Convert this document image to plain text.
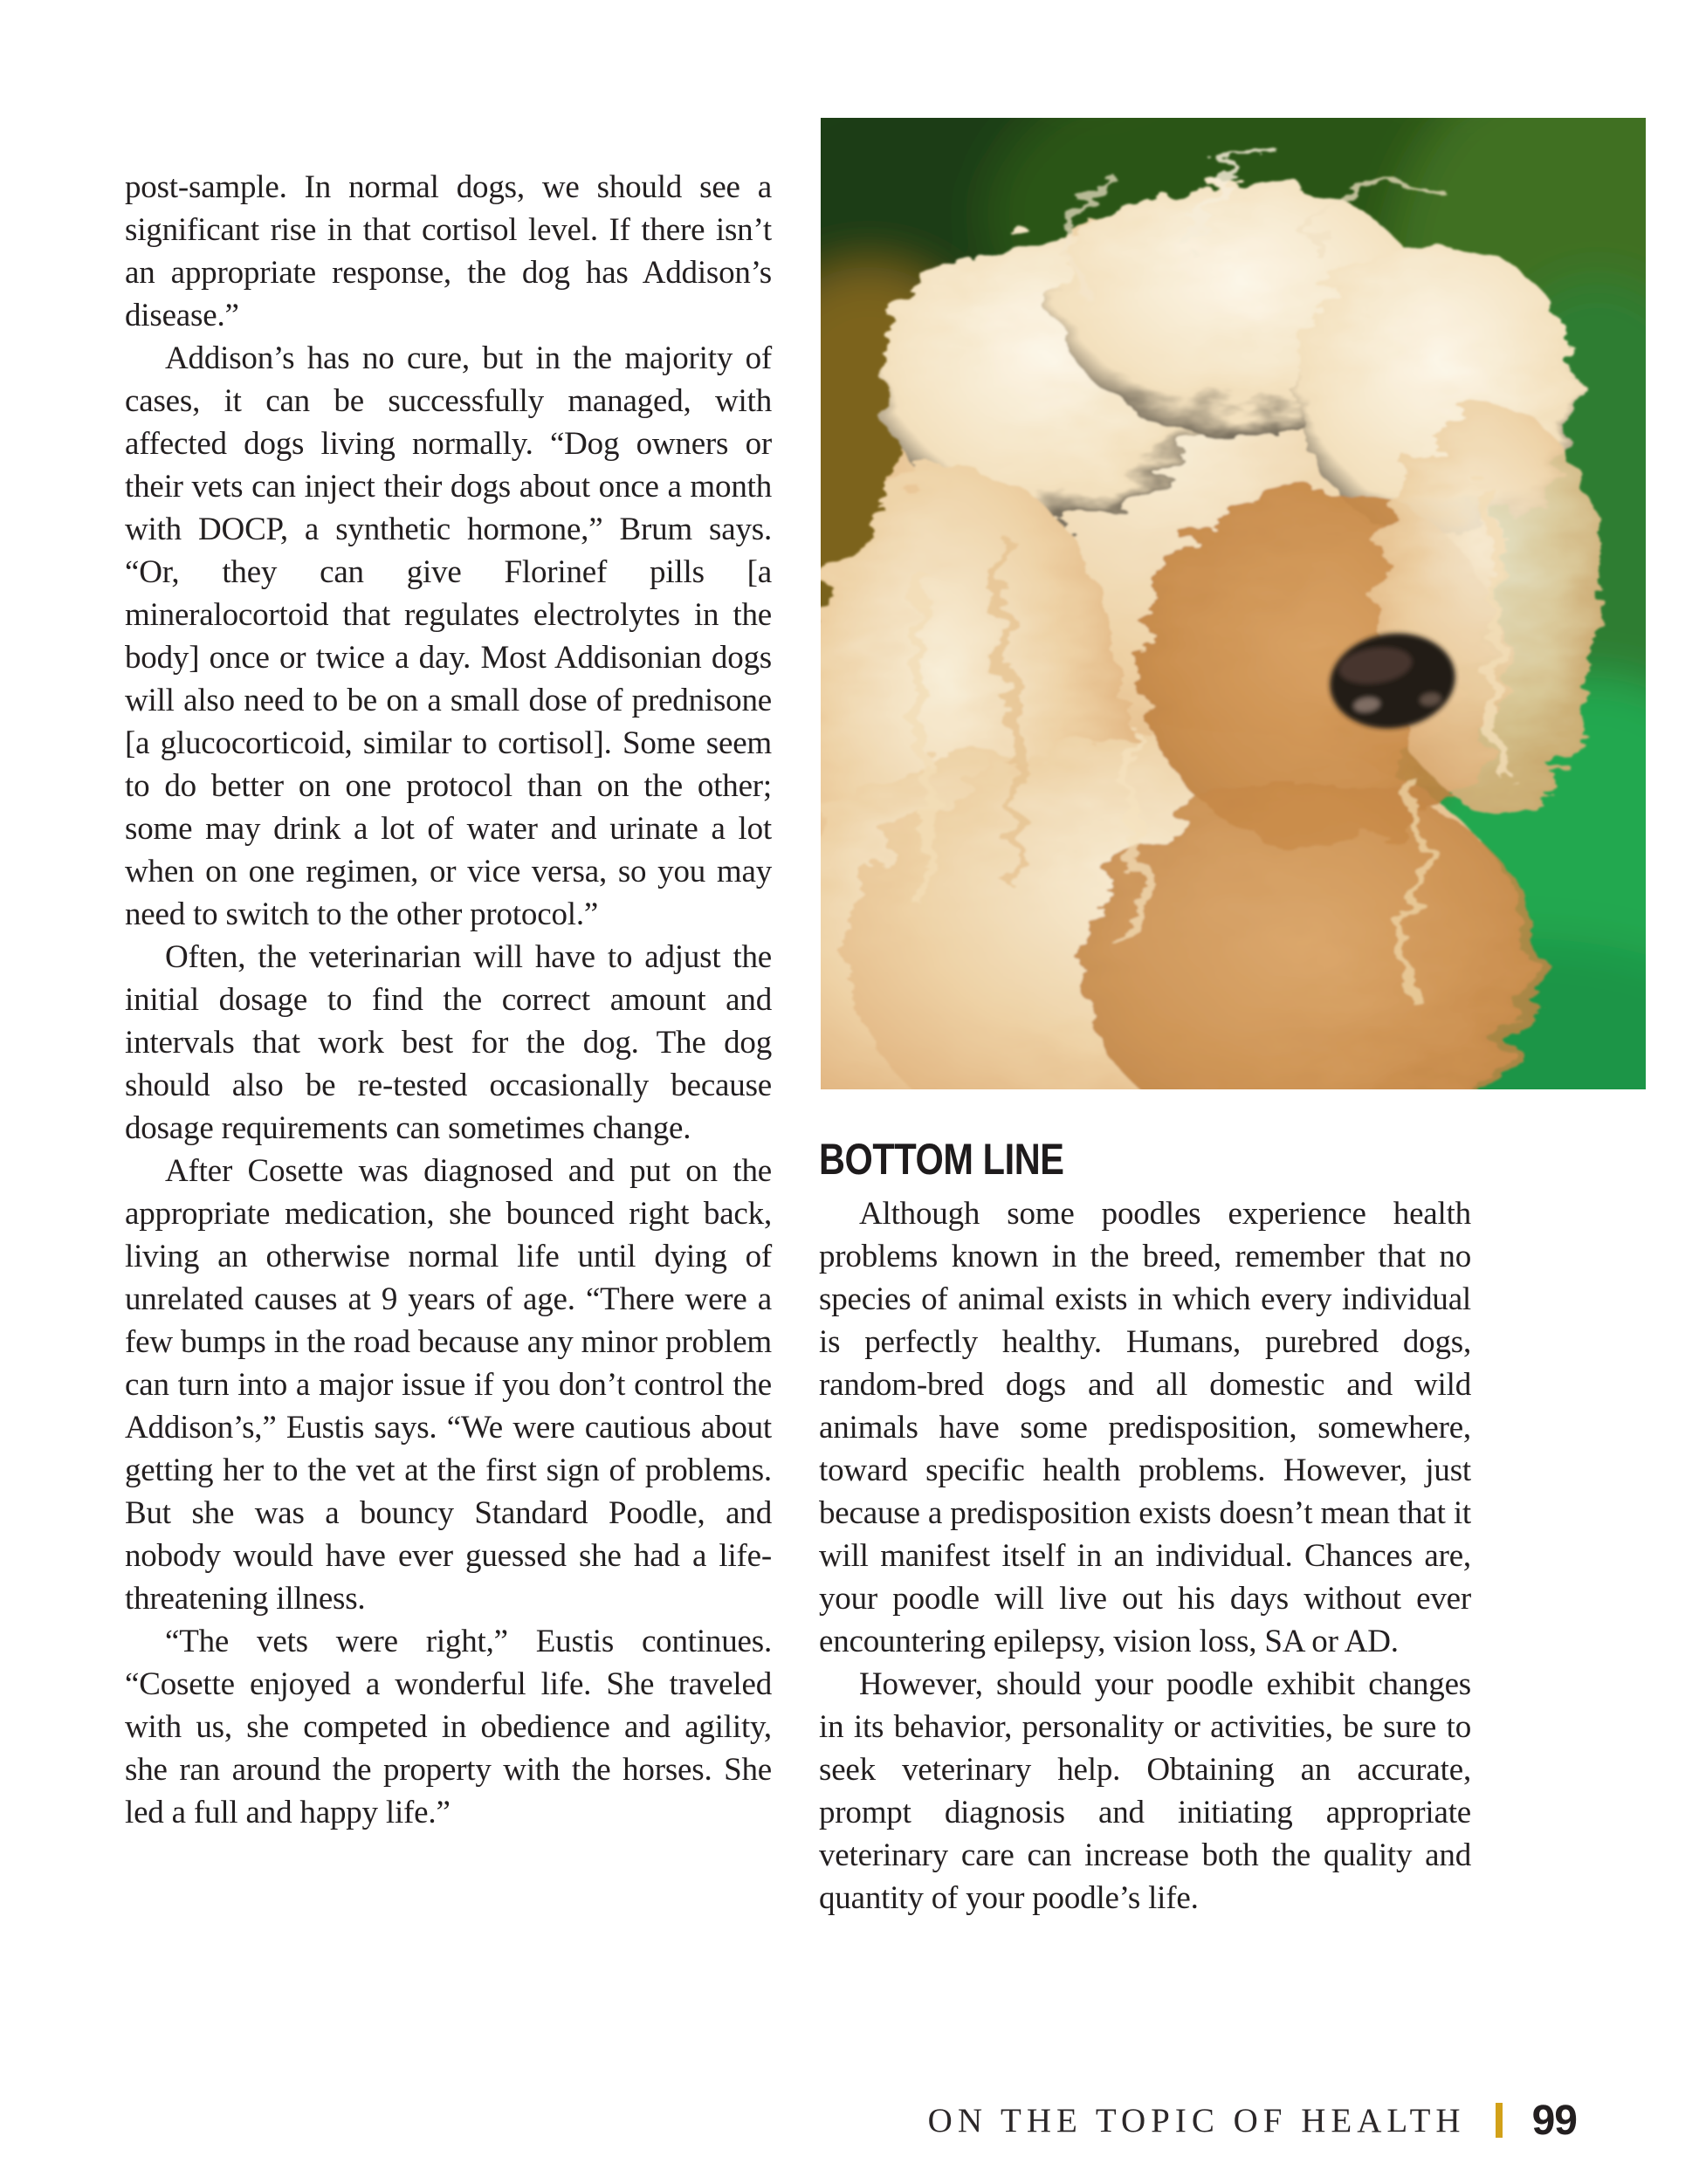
post-sample. In normal dogs, we should see a significant rise in that cortisol level. If there isn’t an appropriate response, the dog has Addison’s disease.”

Addison’s has no cure, but in the majority of cases, it can be successfully managed, with affected dogs living normally. “Dog owners or their vets can inject their dogs about once a month with DOCP, a synthetic hormone,” Brum says. “Or, they can give Florinef pills [a mineralocortoid that regulates electrolytes in the body] once or twice a day. Most Addisonian dogs will also need to be on a small dose of prednisone [a glucocorticoid, similar to cortisol]. Some seem to do better on one protocol than on the other; some may drink a lot of water and urinate a lot when on one regimen, or vice versa, so you may need to switch to the other protocol.”

Often, the veterinarian will have to adjust the initial dosage to find the correct amount and intervals that work best for the dog. The dog should also be re-tested occasionally because dosage requirements can sometimes change.

After Cosette was diagnosed and put on the appropriate medication, she bounced right back, living an otherwise normal life until dying of unrelated causes at 9 years of age. “There were a few bumps in the road because any minor problem can turn into a major issue if you don’t control the Addison’s,” Eustis says. “We were cautious about getting her to the vet at the first sign of problems. But she was a bouncy Standard Poodle, and nobody would have ever guessed she had a life-threatening illness.

“The vets were right,” Eustis continues. “Cosette enjoyed a wonderful life. She traveled with us, she competed in obedience and agility, she ran around the property with the horses. She led a full and happy life.”

BOTTOM LINE

Although some poodles experience health problems known in the breed, remember that no species of animal exists in which every individual is perfectly healthy. Humans, purebred dogs, random-bred dogs and all domestic and wild animals have some predisposition, somewhere, toward specific health problems. However, just because a predisposition exists doesn’t mean that it will manifest itself in an individual. Chances are, your poodle will live out his days without ever encountering epilepsy, vision loss, SA or AD.

However, should your poodle exhibit changes in its behavior, personality or activities, be sure to seek veterinary help. Obtaining an accurate, prompt diagnosis and initiating appropriate veterinary care can increase both the quality and quantity of your poodle’s life.

ON THE TOPIC OF HEALTH 99
